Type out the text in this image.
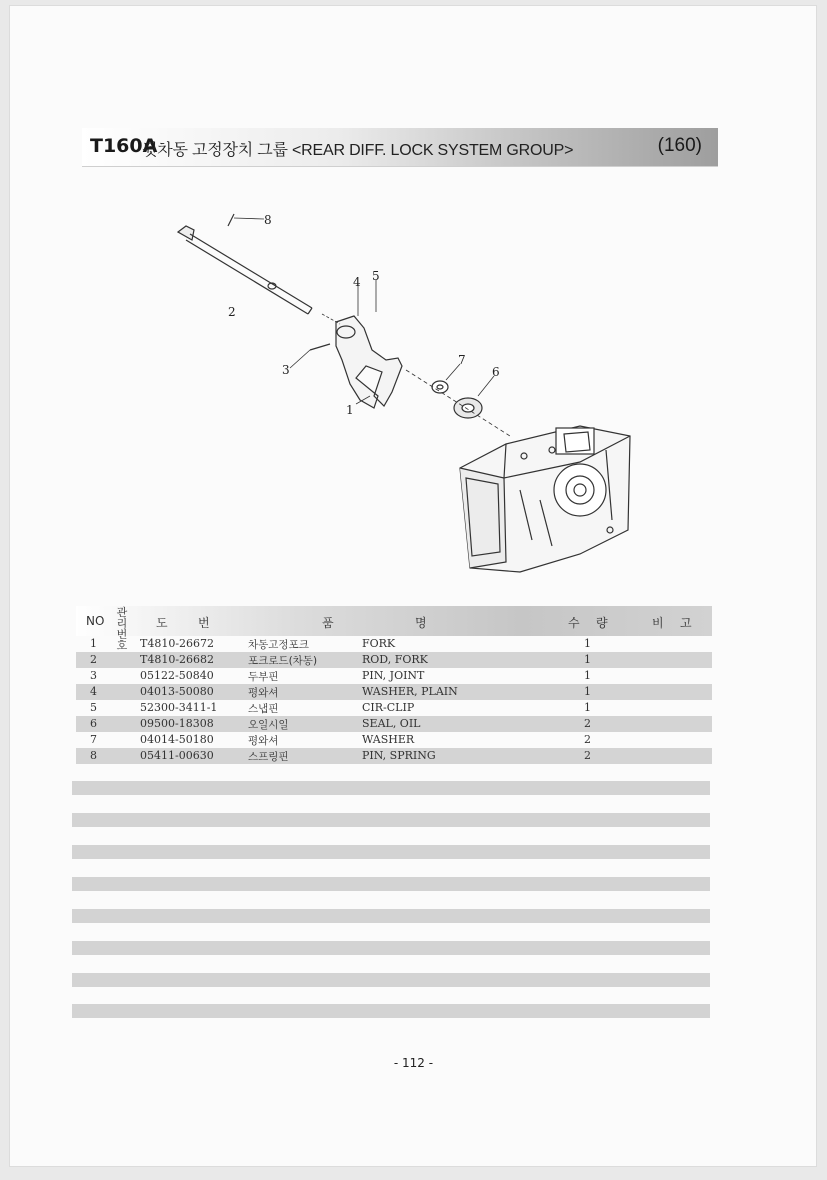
T160A
뒷차동 고정장치 그룹 <REAR DIFF. LOCK SYSTEM GROUP>	(160)
8
2
4 5
3
1
7
6
NO
관리
번호
도	번	품	명	수 량	비 고
1	T4810-26672	차동고정포크	FORK	1
2	T4810-26682	포크로드(차동)	ROD, FORK	1
3	05122-50840	두부핀	PIN, JOINT	1
4	04013-50080	평와셔	WASHER, PLAIN	1
5	52300-3411-1	스냅핀	CIR-CLIP	1
6	09500-18308	오일시일	SEAL, OIL	2
7	04014-50180	평와셔	WASHER	2
8	05411-00630	스프링핀	PIN, SPRING	2
- 112 -
